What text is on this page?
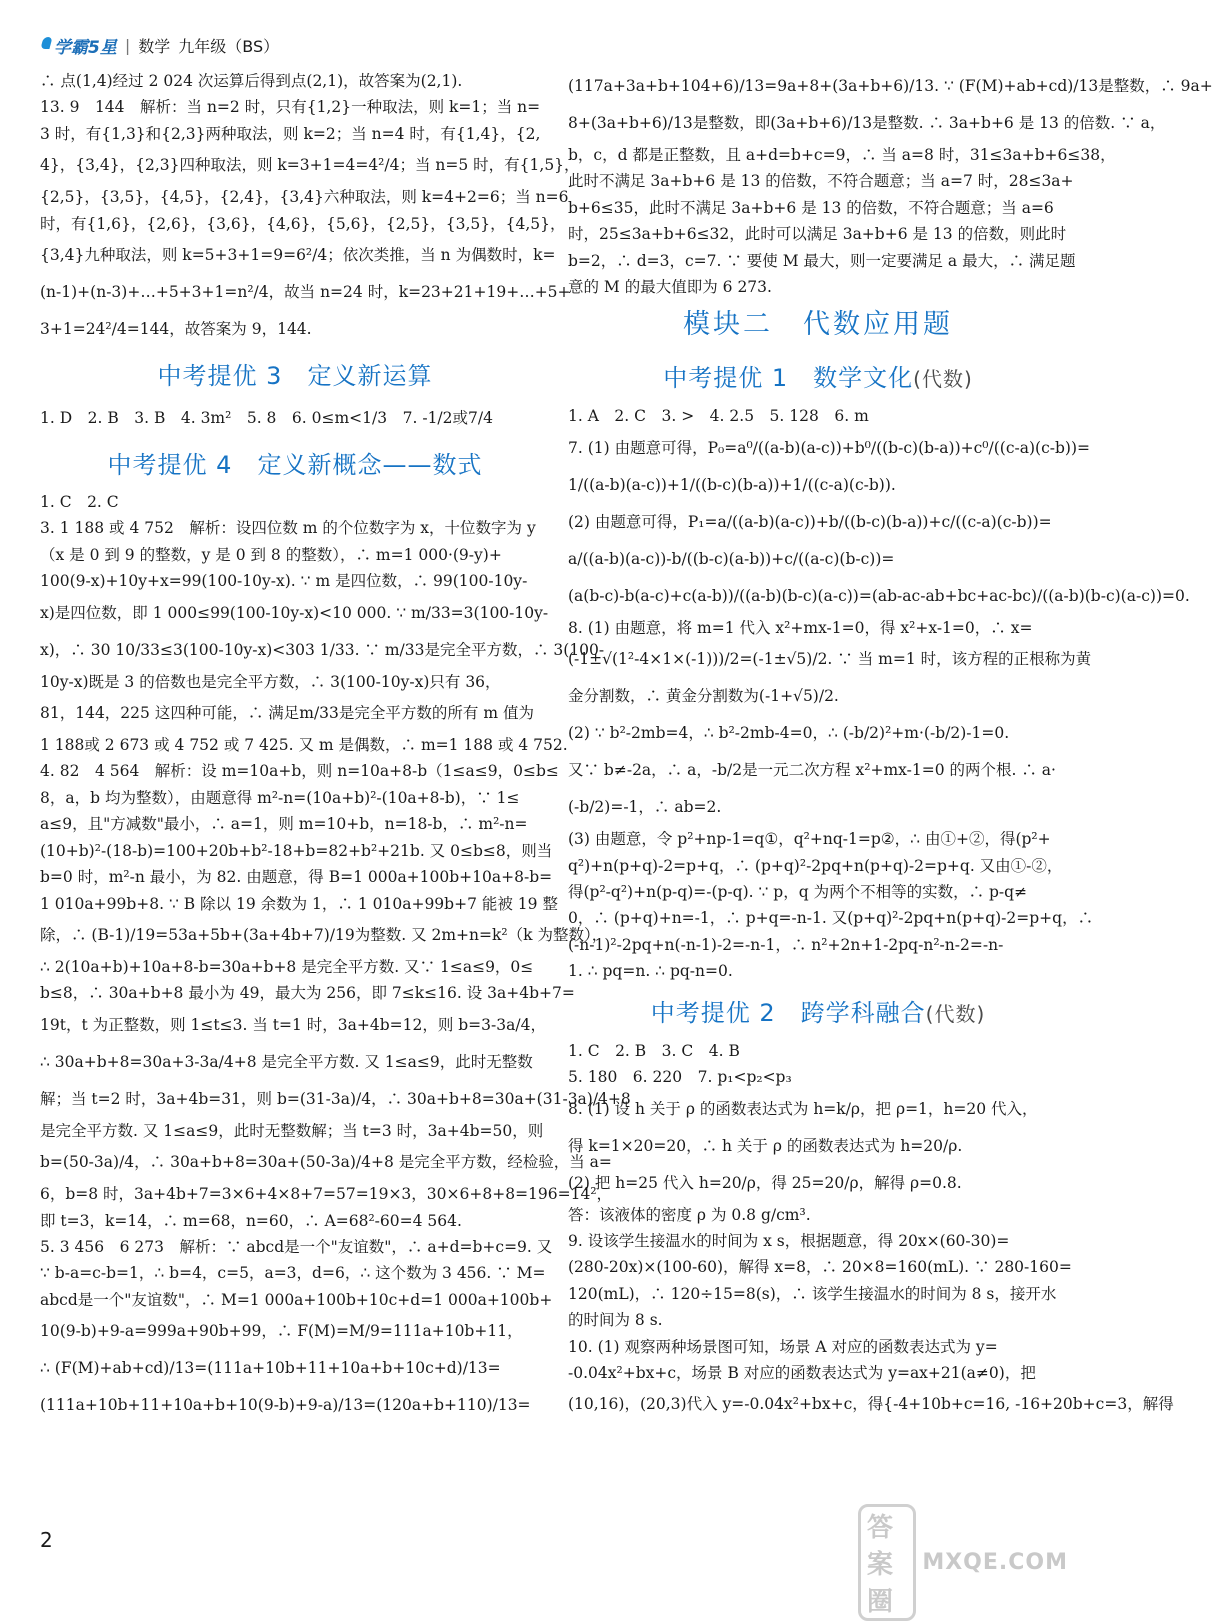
学霸5星 | 数学 九年级（BS）
∴ 点(1,4)经过 2 024 次运算后得到点(2,1)，故答案为(2,1).
13. 9　144　解析：当 n=2 时，只有{1,2}一种取法，则 k=1；当 n=
3 时，有{1,3}和{2,3}两种取法，则 k=2；当 n=4 时，有{1,4}，{2,
4}，{3,4}，{2,3}四种取法，则 k=3+1=4=4²/4；当 n=5 时，有{1,5}，
{2,5}，{3,5}，{4,5}，{2,4}，{3,4}六种取法，则 k=4+2=6；当 n=6
时，有{1,6}，{2,6}，{3,6}，{4,6}，{5,6}，{2,5}，{3,5}，{4,5}，
{3,4}九种取法，则 k=5+3+1=9=6²/4；依次类推，当 n 为偶数时，k=
(n-1)+(n-3)+…+5+3+1=n²/4，故当 n=24 时，k=23+21+19+…+5+
3+1=24²/4=144，故答案为 9，144.
中考提优 3　定义新运算
1. D　2. B　3. B　4. 3m²　5. 8　6. 0≤m<1/3　7. -1/2或7/4
中考提优 4　定义新概念——数式
1. C　2. C
3. 1 188 或 4 752　解析：设四位数 m 的个位数字为 x，十位数字为 y
（x 是 0 到 9 的整数，y 是 0 到 8 的整数），∴ m=1 000·(9-y)+
100(9-x)+10y+x=99(100-10y-x). ∵ m 是四位数，∴ 99(100-10y-
x)是四位数，即 1 000≤99(100-10y-x)<10 000. ∵ m/33=3(100-10y-
x)，∴ 30 10/33≤3(100-10y-x)<303 1/33. ∵ m/33是完全平方数，∴ 3(100-
10y-x)既是 3 的倍数也是完全平方数，∴ 3(100-10y-x)只有 36，
81，144，225 这四种可能，∴ 满足m/33是完全平方数的所有 m 值为
1 188或 2 673 或 4 752 或 7 425. 又 m 是偶数，∴ m=1 188 或 4 752.
4. 82　4 564　解析：设 m=10a+b，则 n=10a+8-b（1≤a≤9，0≤b≤
8，a，b 均为整数），由题意得 m²-n=(10a+b)²-(10a+8-b)，∵ 1≤
a≤9，且"方减数"最小，∴ a=1，则 m=10+b，n=18-b，∴ m²-n=
(10+b)²-(18-b)=100+20b+b²-18+b=82+b²+21b. 又 0≤b≤8，则当
b=0 时，m²-n 最小，为 82. 由题意，得 B=1 000a+100b+10a+8-b=
1 010a+99b+8. ∵ B 除以 19 余数为 1，∴ 1 010a+99b+7 能被 19 整
除，∴ (B-1)/19=53a+5b+(3a+4b+7)/19为整数. 又 2m+n=k²（k 为整数），
∴ 2(10a+b)+10a+8-b=30a+b+8 是完全平方数. 又∵ 1≤a≤9，0≤
b≤8，∴ 30a+b+8 最小为 49，最大为 256，即 7≤k≤16. 设 3a+4b+7=
19t，t 为正整数，则 1≤t≤3. 当 t=1 时，3a+4b=12，则 b=3-3a/4，
∴ 30a+b+8=30a+3-3a/4+8 是完全平方数. 又 1≤a≤9，此时无整数
解；当 t=2 时，3a+4b=31，则 b=(31-3a)/4，∴ 30a+b+8=30a+(31-3a)/4+8
是完全平方数. 又 1≤a≤9，此时无整数解；当 t=3 时，3a+4b=50，则
b=(50-3a)/4，∴ 30a+b+8=30a+(50-3a)/4+8 是完全平方数，经检验，当 a=
6，b=8 时，3a+4b+7=3×6+4×8+7=57=19×3，30×6+8+8=196=14²，
即 t=3，k=14，∴ m=68，n=60，∴ A=68²-60=4 564.
5. 3 456　6 273　解析：∵ abcd是一个"友谊数"，∴ a+d=b+c=9. 又
∵ b-a=c-b=1，∴ b=4，c=5，a=3，d=6，∴ 这个数为 3 456. ∵ M=
abcd是一个"友谊数"，∴ M=1 000a+100b+10c+d=1 000a+100b+
10(9-b)+9-a=999a+90b+99，∴ F(M)=M/9=111a+10b+11，
∴ (F(M)+ab+cd)/13=(111a+10b+11+10a+b+10c+d)/13=
(111a+10b+11+10a+b+10(9-b)+9-a)/13=(120a+b+110)/13=
(117a+3a+b+104+6)/13=9a+8+(3a+b+6)/13. ∵ (F(M)+ab+cd)/13是整数，∴ 9a+
8+(3a+b+6)/13是整数，即(3a+b+6)/13是整数. ∴ 3a+b+6 是 13 的倍数. ∵ a，
b，c，d 都是正整数，且 a+d=b+c=9，∴ 当 a=8 时，31≤3a+b+6≤38，
此时不满足 3a+b+6 是 13 的倍数，不符合题意；当 a=7 时，28≤3a+
b+6≤35，此时不满足 3a+b+6 是 13 的倍数，不符合题意；当 a=6
时，25≤3a+b+6≤32，此时可以满足 3a+b+6 是 13 的倍数，则此时
b=2，∴ d=3，c=7. ∵ 要使 M 最大，则一定要满足 a 最大，∴ 满足题
意的 M 的最大值即为 6 273.
模块二　代数应用题
中考提优 1　数学文化(代数)
1. A　2. C　3. >　4. 2.5　5. 128　6. m
7. (1) 由题意可得，P₀=a⁰/((a-b)(a-c))+b⁰/((b-c)(b-a))+c⁰/((c-a)(c-b))=
1/((a-b)(a-c))+1/((b-c)(b-a))+1/((c-a)(c-b)).
(2) 由题意可得，P₁=a/((a-b)(a-c))+b/((b-c)(b-a))+c/((c-a)(c-b))=
a/((a-b)(a-c))-b/((b-c)(a-b))+c/((a-c)(b-c))=
(a(b-c)-b(a-c)+c(a-b))/((a-b)(b-c)(a-c))=(ab-ac-ab+bc+ac-bc)/((a-b)(b-c)(a-c))=0.
8. (1) 由题意，将 m=1 代入 x²+mx-1=0，得 x²+x-1=0，∴ x=
(-1±√(1²-4×1×(-1)))/2=(-1±√5)/2. ∵ 当 m=1 时，该方程的正根称为黄
金分割数，∴ 黄金分割数为(-1+√5)/2.
(2) ∵ b²-2mb=4，∴ b²-2mb-4=0，∴ (-b/2)²+m·(-b/2)-1=0.
又∵ b≠-2a，∴ a，-b/2是一元二次方程 x²+mx-1=0 的两个根. ∴ a·
(-b/2)=-1，∴ ab=2.
(3) 由题意，令 p²+np-1=q①，q²+nq-1=p②，∴ 由①+②，得(p²+
q²)+n(p+q)-2=p+q，∴ (p+q)²-2pq+n(p+q)-2=p+q. 又由①-②，
得(p²-q²)+n(p-q)=-(p-q). ∵ p，q 为两个不相等的实数，∴ p-q≠
0，∴ (p+q)+n=-1，∴ p+q=-n-1. 又(p+q)²-2pq+n(p+q)-2=p+q，∴
(-n-1)²-2pq+n(-n-1)-2=-n-1，∴ n²+2n+1-2pq-n²-n-2=-n-
1. ∴ pq=n. ∴ pq-n=0.
中考提优 2　跨学科融合(代数)
1. C　2. B　3. C　4. B
5. 180　6. 220　7. p₁<p₂<p₃
8. (1) 设 h 关于 ρ 的函数表达式为 h=k/ρ，把 ρ=1，h=20 代入，
得 k=1×20=20，∴ h 关于 ρ 的函数表达式为 h=20/ρ.
(2) 把 h=25 代入 h=20/ρ，得 25=20/ρ，解得 ρ=0.8.
答：该液体的密度 ρ 为 0.8 g/cm³.
9. 设该学生接温水的时间为 x s，根据题意，得 20x×(60-30)=
(280-20x)×(100-60)，解得 x=8，∴ 20×8=160(mL). ∵ 280-160=
120(mL)，∴ 120÷15=8(s)，∴ 该学生接温水的时间为 8 s，接开水
的时间为 8 s.
10. (1) 观察两种场景图可知，场景 A 对应的函数表达式为 y=
-0.04x²+bx+c，场景 B 对应的函数表达式为 y=ax+21(a≠0)，把
(10,16)，(20,3)代入 y=-0.04x²+bx+c，得{-4+10b+c=16, -16+20b+c=3，解得
2	答案圈
MXQE.COM
